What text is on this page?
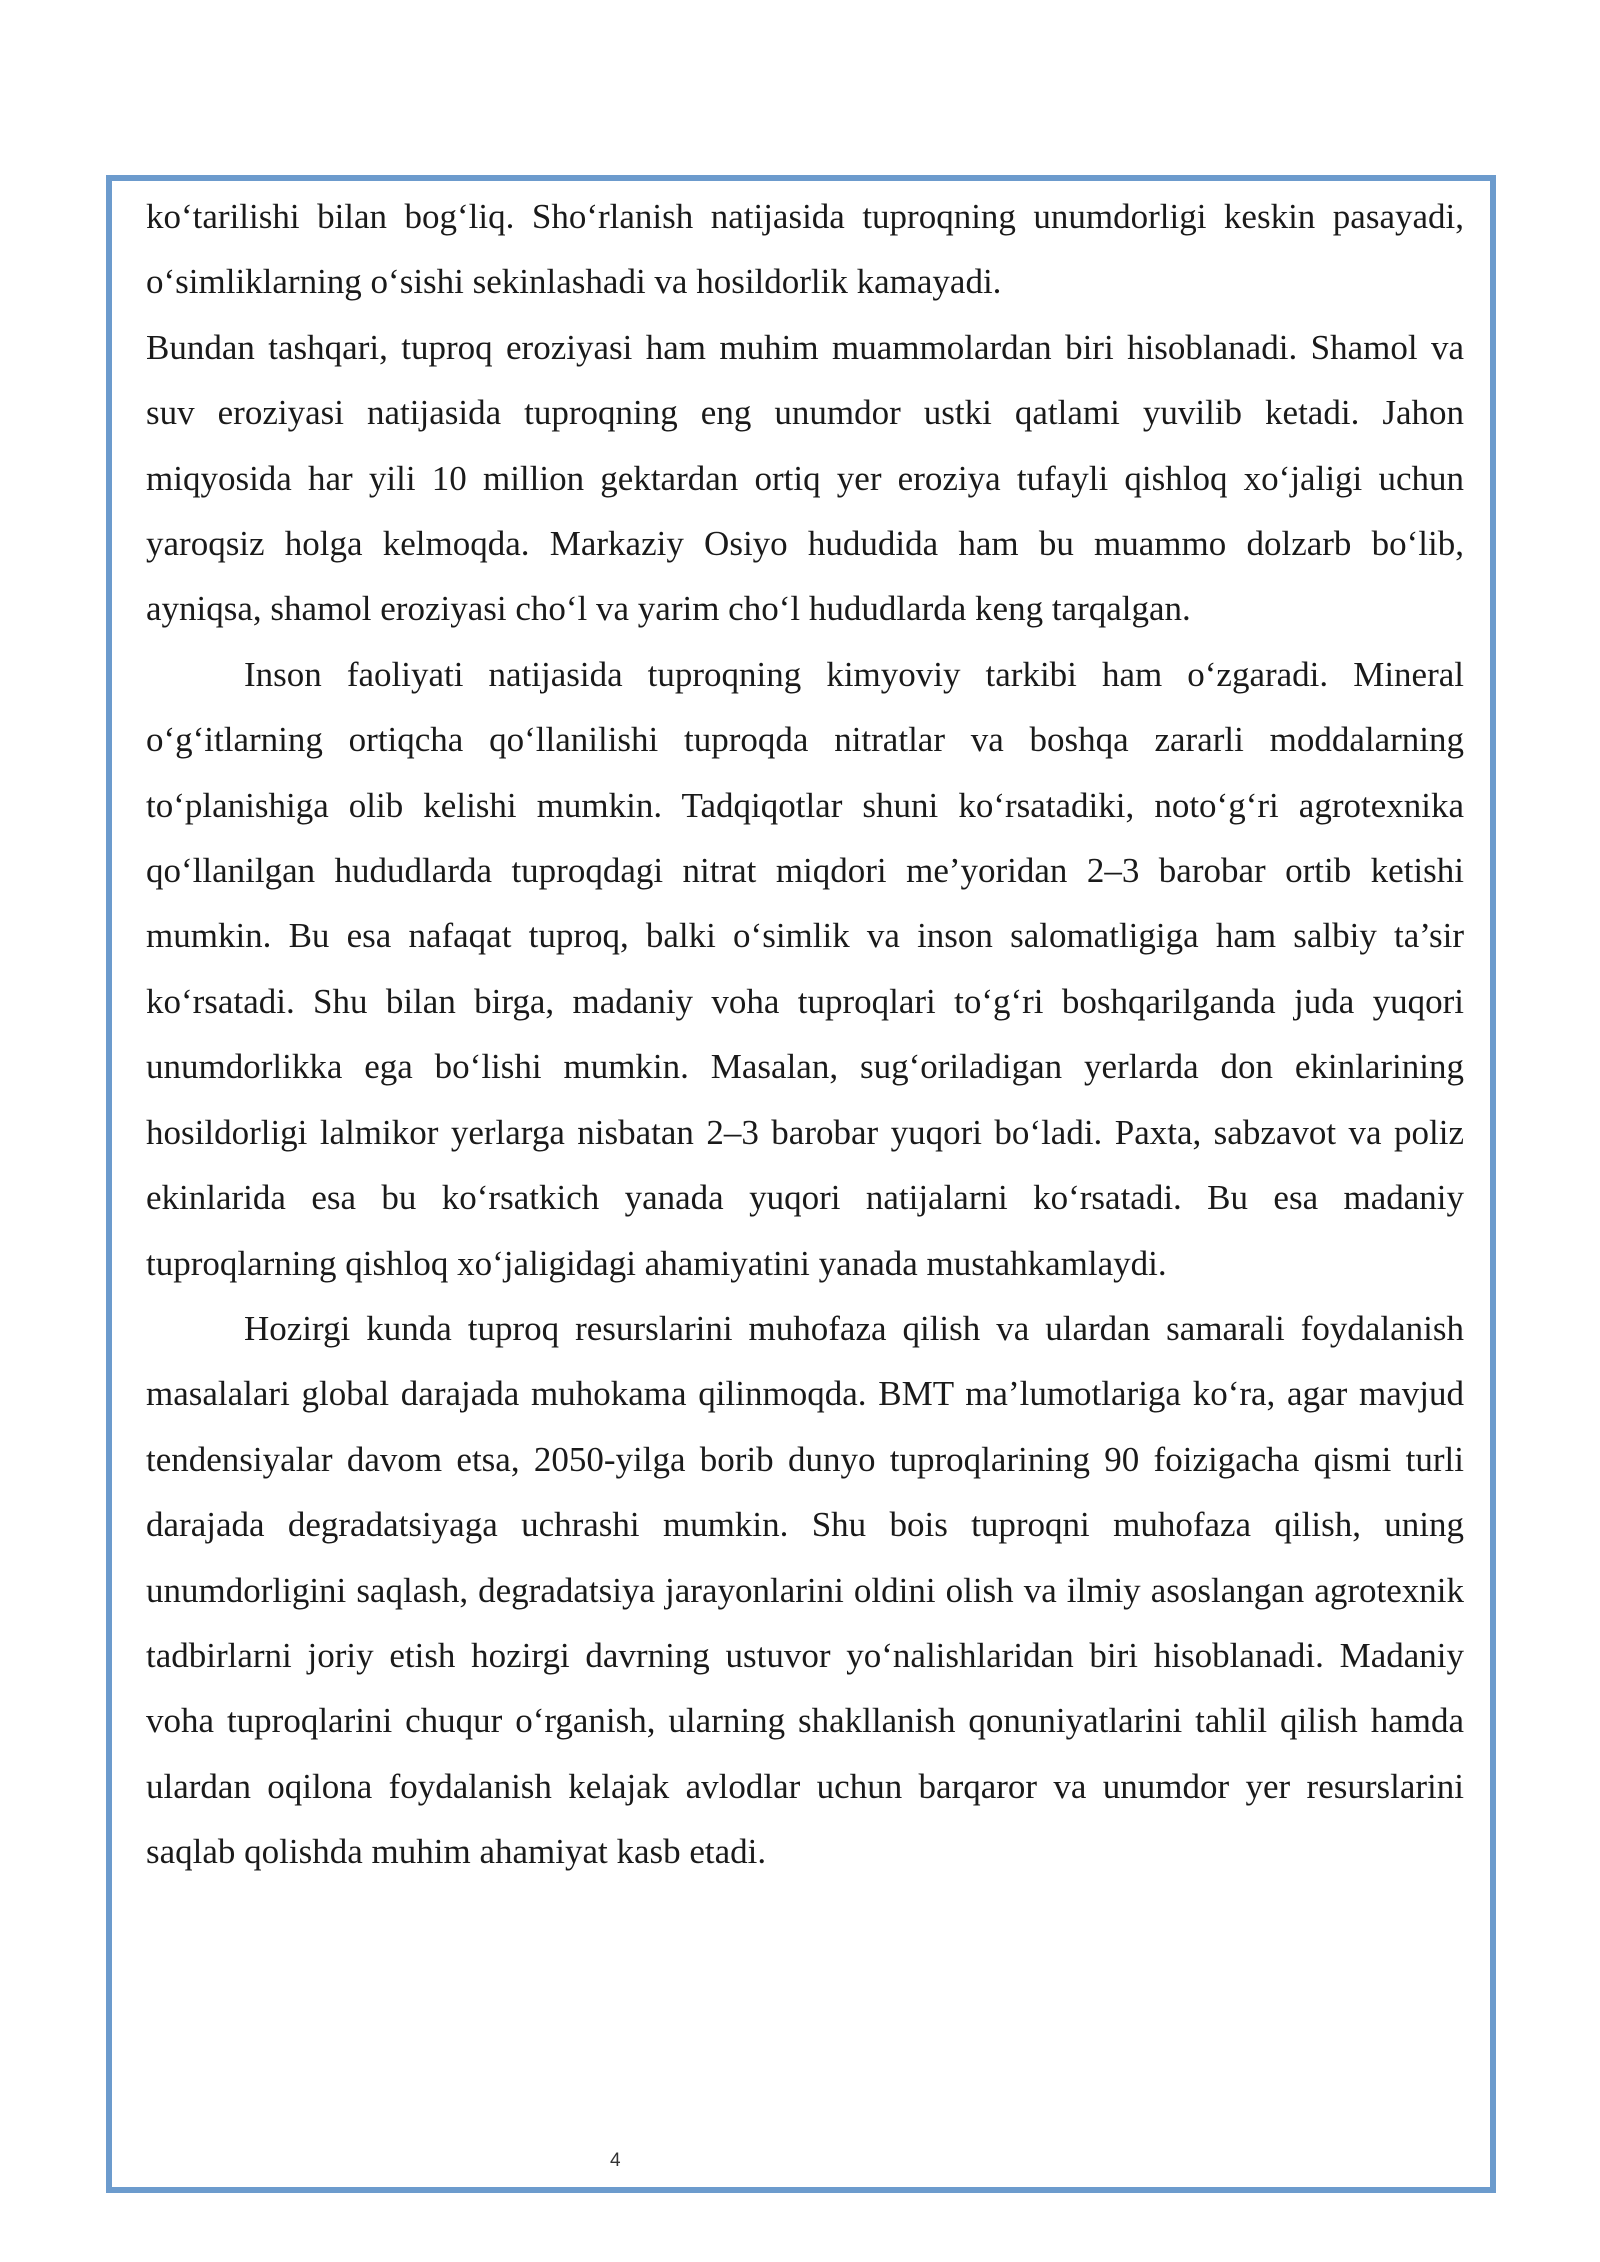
ko‘tarilishi bilan bog‘liq. Sho‘rlanish natijasida tuproqning unumdorligi keskin pasayadi, o‘simliklarning o‘sishi sekinlashadi va hosildorlik kamayadi.

Bundan tashqari, tuproq eroziyasi ham muhim muammolardan biri hisoblanadi. Shamol va suv eroziyasi natijasida tuproqning eng unumdor ustki qatlami yuvilib ketadi. Jahon miqyosida har yili 10 million gektardan ortiq yer eroziya tufayli qishloq xo‘jaligi uchun yaroqsiz holga kelmoqda. Markaziy Osiyo hududida ham bu muammo dolzarb bo‘lib, ayniqsa, shamol eroziyasi cho‘l va yarim cho‘l hududlarda keng tarqalgan.

Inson faoliyati natijasida tuproqning kimyoviy tarkibi ham o‘zgaradi. Mineral o‘g‘itlarning ortiqcha qo‘llanilishi tuproqda nitratlar va boshqa zararli moddalarning to‘planishiga olib kelishi mumkin. Tadqiqotlar shuni ko‘rsatadiki, noto‘g‘ri agrotexnika qo‘llanilgan hududlarda tuproqdagi nitrat miqdori me’yoridan 2–3 barobar ortib ketishi mumkin. Bu esa nafaqat tuproq, balki o‘simlik va inson salomatligiga ham salbiy ta’sir ko‘rsatadi. Shu bilan birga, madaniy voha tuproqlari to‘g‘ri boshqarilganda juda yuqori unumdorlikka ega bo‘lishi mumkin. Masalan, sug‘oriladigan yerlarda don ekinlarining hosildorligi lalmikor yerlarga nisbatan 2–3 barobar yuqori bo‘ladi. Paxta, sabzavot va poliz ekinlarida esa bu ko‘rsatkich yanada yuqori natijalarni ko‘rsatadi. Bu esa madaniy tuproqlarning qishloq xo‘jaligidagi ahamiyatini yanada mustahkamlaydi.

Hozirgi kunda tuproq resurslarini muhofaza qilish va ulardan samarali foydalanish masalalari global darajada muhokama qilinmoqda. BMT ma’lumotlariga ko‘ra, agar mavjud tendensiyalar davom etsa, 2050-yilga borib dunyo tuproqlarining 90 foizigacha qismi turli darajada degradatsiyaga uchrashi mumkin. Shu bois tuproqni muhofaza qilish, uning unumdorligini saqlash, degradatsiya jarayonlarini oldini olish va ilmiy asoslangan agrotexnik tadbirlarni joriy etish hozirgi davrning ustuvor yo‘nalishlaridan biri hisoblanadi. Madaniy voha tuproqlarini chuqur o‘rganish, ularning shakllanish qonuniyatlarini tahlil qilish hamda ulardan oqilona foydalanish kelajak avlodlar uchun barqaror va unumdor yer resurslarini saqlab qolishda muhim ahamiyat kasb etadi.

4
